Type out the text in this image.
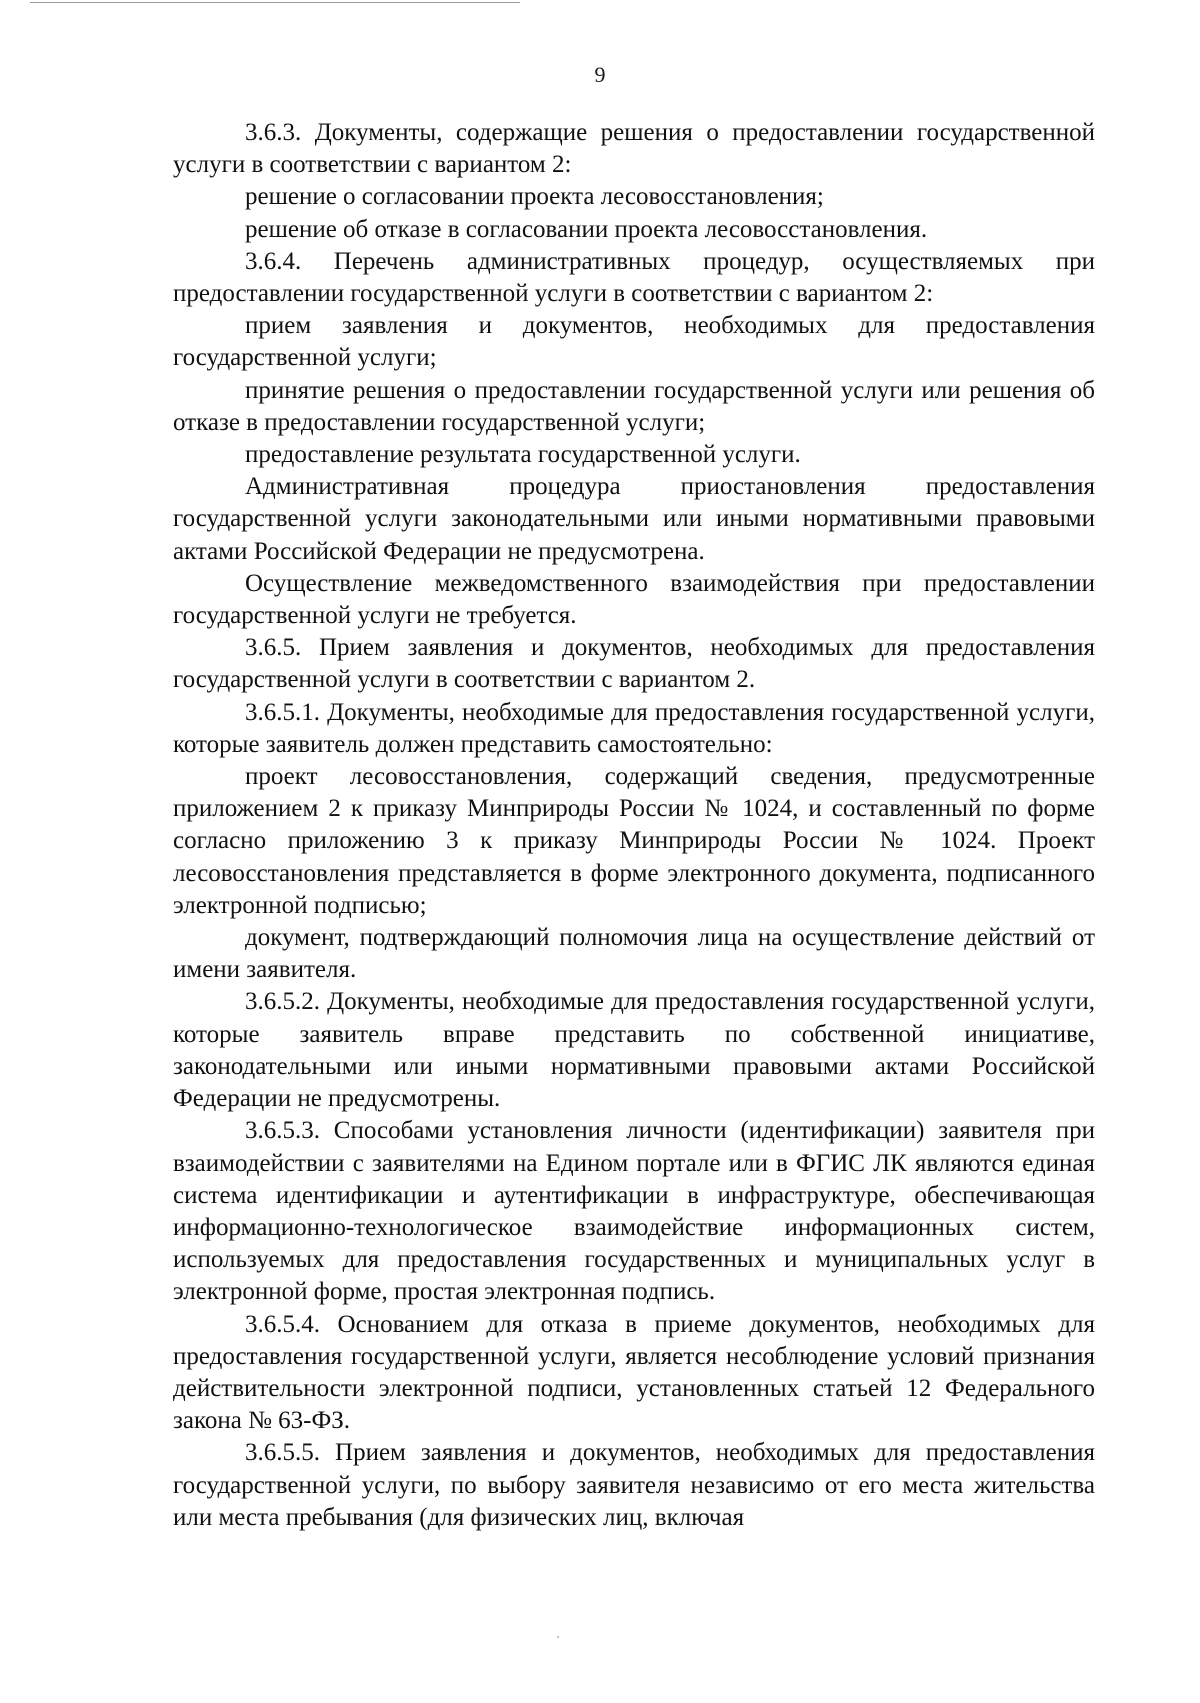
9

3.6.3. Документы, содержащие решения о предоставлении государственной услуги в соответствии с вариантом 2:

решение о согласовании проекта лесовосстановления;

решение об отказе в согласовании проекта лесовосстановления.

3.6.4. Перечень административных процедур, осуществляемых при предоставлении государственной услуги в соответствии с вариантом 2:

прием заявления и документов, необходимых для предоставления государственной услуги;

принятие решения о предоставлении государственной услуги или решения об отказе в предоставлении государственной услуги;

предоставление результата государственной услуги.

Административная процедура приостановления предоставления государственной услуги законодательными или иными нормативными правовыми актами Российской Федерации не предусмотрена.

Осуществление межведомственного взаимодействия при предоставлении государственной услуги не требуется.

3.6.5. Прием заявления и документов, необходимых для предоставления государственной услуги в соответствии с вариантом 2.

3.6.5.1. Документы, необходимые для предоставления государственной услуги, которые заявитель должен представить самостоятельно:

проект лесовосстановления, содержащий сведения, предусмотренные приложением 2 к приказу Минприроды России № 1024, и составленный по форме согласно приложению 3 к приказу Минприроды России № 1024. Проект лесовосстановления представляется в форме электронного документа, подписанного электронной подписью;

документ, подтверждающий полномочия лица на осуществление действий от имени заявителя.

3.6.5.2. Документы, необходимые для предоставления государственной услуги, которые заявитель вправе представить по собственной инициативе, законодательными или иными нормативными правовыми актами Российской Федерации не предусмотрены.

3.6.5.3. Способами установления личности (идентификации) заявителя при взаимодействии с заявителями на Едином портале или в ФГИС ЛК являются единая система идентификации и аутентификации в инфраструктуре, обеспечивающая информационно-технологическое взаимодействие информационных систем, используемых для предоставления государственных и муниципальных услуг в электронной форме, простая электронная подпись.

3.6.5.4. Основанием для отказа в приеме документов, необходимых для предоставления государственной услуги, является несоблюдение условий признания действительности электронной подписи, установленных статьей 12 Федерального закона № 63-ФЗ.

3.6.5.5. Прием заявления и документов, необходимых для предоставления государственной услуги, по выбору заявителя независимо от его места жительства или места пребывания (для физических лиц, включая
